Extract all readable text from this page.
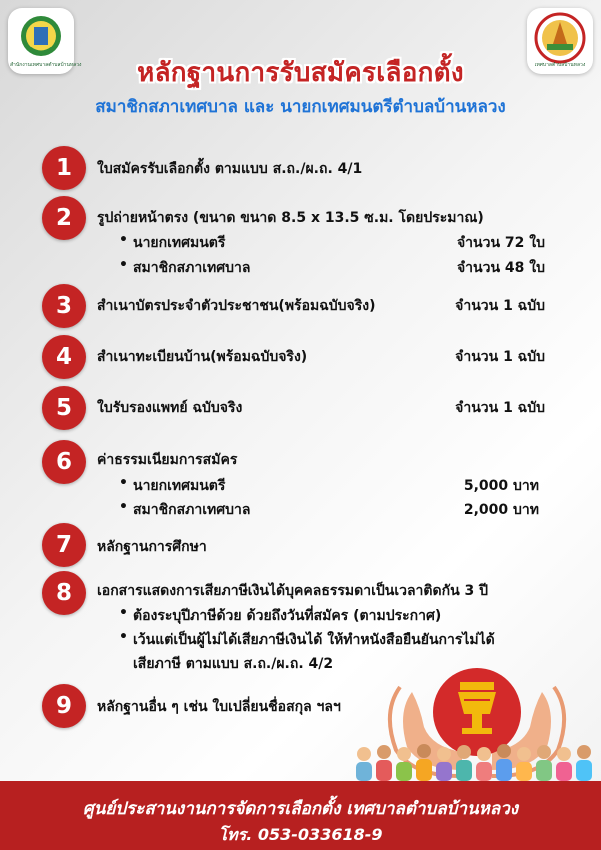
สำนักงานเทศบาลตำบลบ้านหลวง	เทศบาลตำบลบ้านหลวง
หลักฐานการรับสมัครเลือกตั้ง
สมาชิกสภาเทศบาล และ นายกเทศมนตรีตำบลบ้านหลวง
1	ใบสมัครรับเลือกตั้ง ตามแบบ ส.ถ./ผ.ถ. 4/1
2	รูปถ่ายหน้าตรง (ขนาด ขนาด 8.5 x 13.5 ซ.ม. โดยประมาณ)
• นายกเทศมนตรี	จำนวน 72 ใบ
• สมาชิกสภาเทศบาล	จำนวน 48 ใบ
3	สำเนาบัตรประจำตัวประชาชน(พร้อมฉบับจริง)	จำนวน 1 ฉบับ
4	สำเนาทะเบียนบ้าน(พร้อมฉบับจริง)	จำนวน 1 ฉบับ
5	ใบรับรองแพทย์ ฉบับจริง	จำนวน 1 ฉบับ
6	ค่าธรรมเนียมการสมัคร
• นายกเทศมนตรี	5,000 บาท
• สมาชิกสภาเทศบาล	2,000 บาท
7	หลักฐานการศึกษา
8	เอกสารแสดงการเสียภาษีเงินได้บุคคลธรรมดาเป็นเวลาติดกัน 3 ปี
• ต้องระบุปีภาษีด้วย ด้วยถึงวันที่สมัคร (ตามประกาศ)
• เว้นแต่เป็นผู้ไม่ได้เสียภาษีเงินได้ ให้ทำหนังสือยืนยันการไม่ได้
เสียภาษี ตามแบบ ส.ถ./ผ.ถ. 4/2
9	หลักฐานอื่น ๆ เช่น ใบเปลี่ยนชื่อสกุล ฯลฯ
ศูนย์ประสานงานการจัดการเลือกตั้ง เทศบาลตำบลบ้านหลวง
โทร. 053-033618-9
